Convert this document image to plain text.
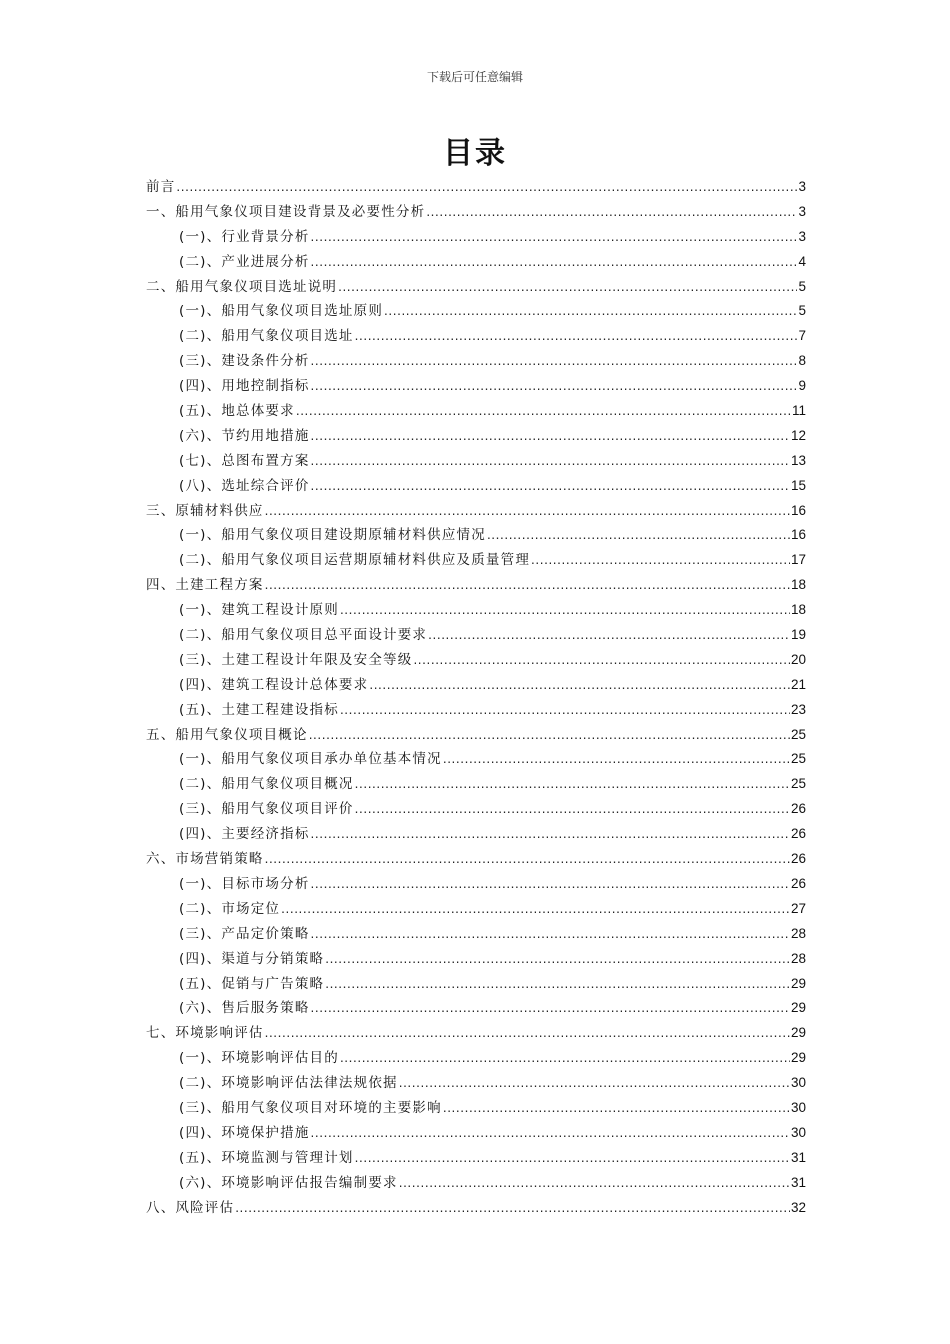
下载后可任意编辑
目录
前言 .....	3
一、船用气象仪项目建设背景及必要性分析 .....	3
(一)、行业背景分析 .....	3
(二)、产业进展分析 .....	4
二、船用气象仪项目选址说明 .....	5
(一)、船用气象仪项目选址原则 .....	5
(二)、船用气象仪项目选址 .....	7
(三)、建设条件分析 .....	8
(四)、用地控制指标 .....	9
(五)、地总体要求 .....	11
(六)、节约用地措施 .....	12
(七)、总图布置方案 .....	13
(八)、选址综合评价 .....	15
三、原辅材料供应 .....	16
(一)、船用气象仪项目建设期原辅材料供应情况 .....	16
(二)、船用气象仪项目运营期原辅材料供应及质量管理 .....	17
四、土建工程方案 .....	18
(一)、建筑工程设计原则 .....	18
(二)、船用气象仪项目总平面设计要求 .....	19
(三)、土建工程设计年限及安全等级 .....	20
(四)、建筑工程设计总体要求 .....	21
(五)、土建工程建设指标 .....	23
五、船用气象仪项目概论 .....	25
(一)、船用气象仪项目承办单位基本情况 .....	25
(二)、船用气象仪项目概况 .....	25
(三)、船用气象仪项目评价 .....	26
(四)、主要经济指标 .....	26
六、市场营销策略 .....	26
(一)、目标市场分析 .....	26
(二)、市场定位 .....	27
(三)、产品定价策略 .....	28
(四)、渠道与分销策略 .....	28
(五)、促销与广告策略 .....	29
(六)、售后服务策略 .....	29
七、环境影响评估 .....	29
(一)、环境影响评估目的 .....	29
(二)、环境影响评估法律法规依据 .....	30
(三)、船用气象仪项目对环境的主要影响 .....	30
(四)、环境保护措施 .....	30
(五)、环境监测与管理计划 .....	31
(六)、环境影响评估报告编制要求 .....	31
八、风险评估 .....	32
